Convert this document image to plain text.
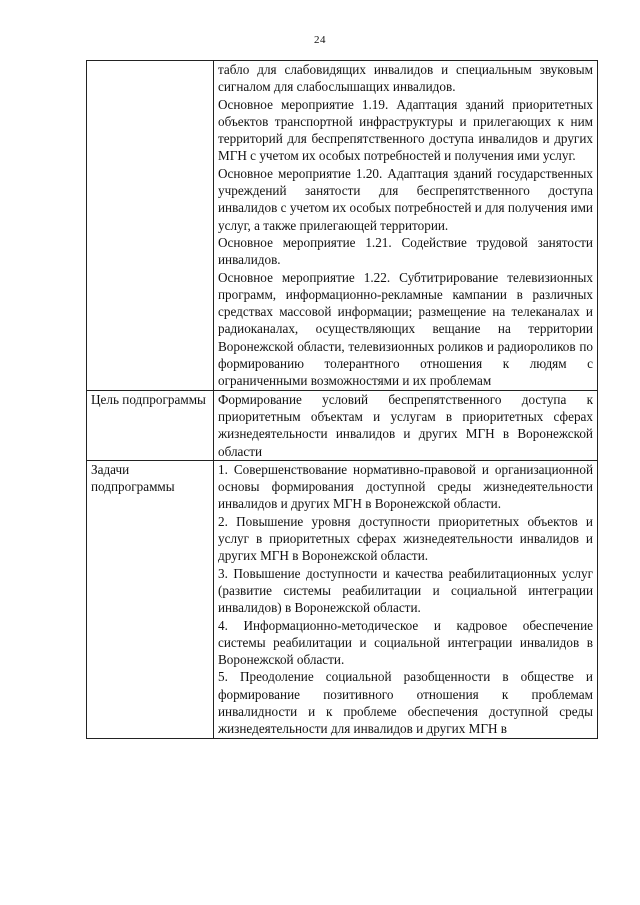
24

	табло для слабовидящих инвалидов и специальным звуковым сигналом для слабослышащих инвалидов.

Основное мероприятие 1.19. Адаптация зданий приоритетных объектов транспортной инфраструктуры и прилегающих к ним территорий для беспрепятственного доступа инвалидов и других МГН с учетом их особых потребностей и получения ими услуг.

Основное мероприятие 1.20. Адаптация зданий государственных учреждений занятости для беспрепятственного доступа инвалидов с учетом их особых потребностей и для получения ими услуг, а также прилегающей территории.

Основное мероприятие 1.21. Содействие трудовой занятости инвалидов.

Основное мероприятие 1.22. Субтитрирование телевизионных программ, информационно-рекламные кампании в различных средствах массовой информации; размещение на телеканалах и радиоканалах, осуществляющих вещание на территории Воронежской области, телевизионных роликов и радиороликов по формированию толерантного отношения к людям с ограниченными возможностями и их проблемам

Цель подпрограммы	Формирование условий беспрепятственного доступа к приоритетным объектам и услугам в приоритетных сферах жизнедеятельности инвалидов и других МГН в Воронежской области

Задачи подпрограммы	1. Совершенствование нормативно-правовой и организационной основы формирования доступной среды жизнедеятельности инвалидов и других МГН в Воронежской области.

2. Повышение уровня доступности приоритетных объектов и услуг в приоритетных сферах жизнедеятельности инвалидов и других МГН в Воронежской области.

3. Повышение доступности и качества реабилитационных услуг (развитие системы реабилитации и социальной интеграции инвалидов) в Воронежской области.

4. Информационно-методическое и кадровое обеспечение системы реабилитации и социальной интеграции инвалидов в Воронежской области.

5. Преодоление социальной разобщенности в обществе и формирование позитивного отношения к проблемам инвалидности и к проблеме обеспечения доступной среды жизнедеятельности для инвалидов и других МГН в
